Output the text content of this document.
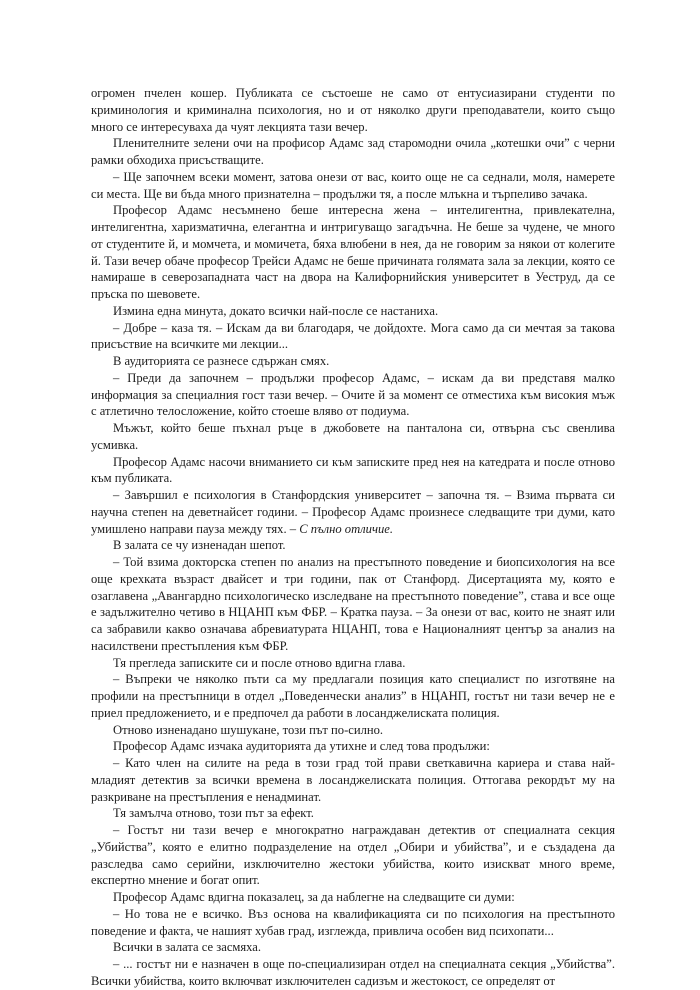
огромен пчелен кошер. Публиката се състоеше не само от ентусиазирани студенти по криминология и криминална психология, но и от няколко други преподаватели, които също много се интересуваха да чуят лекцията тази вечер.

Пленителните зелени очи на профисор Адамс зад старомодни очила „котешки очи” с черни рамки обходиха присъстващите.

– Ще започнем всеки момент, затова онези от вас, които още не са седнали, моля, намерете си места. Ще ви бъда много признателна – продължи тя, а после млъкна и търпеливо зачака.

Професор Адамс несъмнено беше интересна жена – интелигентна, привлекателна, интелигентна, харизматична, елегантна и интригуващо загадъчна. Не беше за чудене, че много от студентите й, и момчета, и момичета, бяха влюбени в нея, да не говорим за някои от колегите й. Тази вечер обаче професор Трейси Адамс не беше причината голямата зала за лекции, която се намираше в северозападната част на двора на Калифорнийския университет в Уеструд, да се пръска по шевовете.

Измина една минута, докато всички най-после се настаниха.

– Добре – каза тя. – Искам да ви благодаря, че дойдохте. Мога само да си мечтая за такова присъствие на всичките ми лекции...

В аудиторията се разнесе сдържан смях.

– Преди да започнем – продължи професор Адамс, – искам да ви представя малко информация за специалния гост тази вечер. – Очите й за момент се отместиха към високия мъж с атлетично телосложение, който стоеше вляво от подиума.

Мъжът, който беше пъхнал ръце в джобовете на панталона си, отвърна със свенлива усмивка.

Професор Адамс насочи вниманието си към записките пред нея на катедрата и после отново към публиката.

– Завършил е психология в Станфордския университет – започна тя. – Взима първата си научна степен на деветнайсет години. – Професор Адамс произнесе следващите три думи, като умишлено направи пауза между тях. – С пълно отличие.

В залата се чу изненадан шепот.

– Той взима докторска степен по анализ на престъпното поведение и биопсихология на все още крехката възраст двайсет и три години, пак от Станфорд. Дисертацията му, която е озаглавена „Авангардно психологическо изследване на престъпното поведение”, става и все още е задължително четиво в НЦАНП към ФБР. – Кратка пауза. – За онези от вас, които не знаят или са забравили какво означава абревиатурата НЦАНП, това е Националният център за анализ на насилствени престъпления към ФБР.

Тя прегледа записките си и после отново вдигна глава.

– Въпреки че няколко пъти са му предлагали позиция като специалист по изготвяне на профили на престъпници в отдел „Поведенчески анализ” в НЦАНП, гостът ни тази вечер не е приел предложението, и е предпочел да работи в лосанджелиската полиция.

Отново изненадано шушукане, този път по-силно.

Професор Адамс изчака аудиторията да утихне и след това продължи:

– Като член на силите на реда в този град той прави светкавична кариера и става най-младият детектив за всички времена в лосанджелиската полиция. Оттогава рекордът му на разкриване на престъпления е ненадминат.

Тя замълча отново, този път за ефект.

– Гостът ни тази вечер е многократно награждаван детектив от специалната секция „Убийства”, която е елитно подразделение на отдел „Обири и убийства”, и е създадена да разследва само серийни, изключително жестоки убийства, които изискват много време, експертно мнение и богат опит.

Професор Адамс вдигна показалец, за да наблегне на следващите си думи:

– Но това не е всичко. Въз основа на квалификацията си по психология на престъпното поведение и факта, че нашият хубав град, изглежда, привлича особен вид психопати...

Всички в залата се засмяха.

– ... гостът ни е назначен в още по-специализиран отдел на специалната секция „Убийства”. Всички убийства, които включват изключителен садизъм и жестокост, се определят от
